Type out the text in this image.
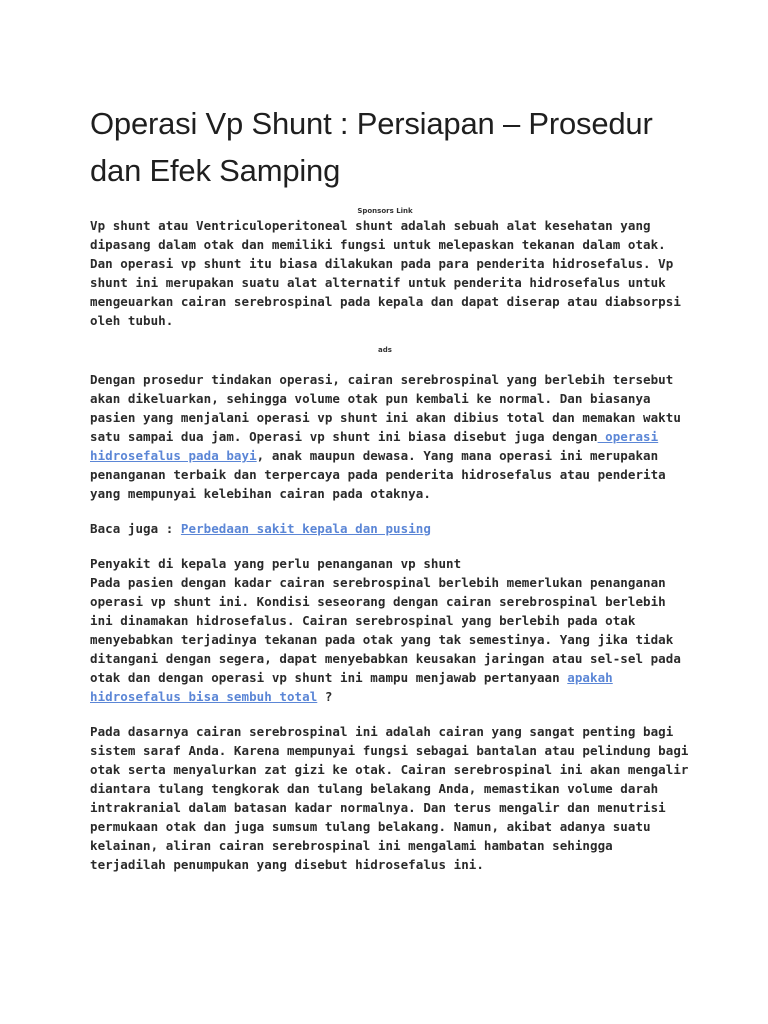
Operasi Vp Shunt : Persiapan – Prosedur dan Efek Samping

Sponsors Link

Vp shunt atau Ventriculoperitoneal shunt adalah sebuah alat kesehatan yang dipasang dalam otak dan memiliki fungsi untuk melepaskan tekanan dalam otak. Dan operasi vp shunt itu biasa dilakukan pada para penderita hidrosefalus. Vp shunt ini merupakan suatu alat alternatif untuk penderita hidrosefalus untuk mengeuarkan cairan serebrospinal pada kepala dan dapat diserap atau diabsorpsi oleh tubuh.

ads

Dengan prosedur tindakan operasi, cairan serebrospinal yang berlebih tersebut akan dikeluarkan, sehingga volume otak pun kembali ke normal. Dan biasanya pasien yang menjalani operasi vp shunt ini akan dibius total dan memakan waktu satu sampai dua jam. Operasi vp shunt ini biasa disebut juga dengan operasi hidrosefalus pada bayi, anak maupun dewasa. Yang mana operasi ini merupakan penanganan terbaik dan terpercaya pada penderita hidrosefalus atau penderita yang mempunyai kelebihan cairan pada otaknya.

Baca juga : Perbedaan sakit kepala dan pusing

Penyakit di kepala yang perlu penanganan vp shunt

Pada pasien dengan kadar cairan serebrospinal berlebih memerlukan penanganan operasi vp shunt ini. Kondisi seseorang dengan cairan serebrospinal berlebih ini dinamakan hidrosefalus. Cairan serebrospinal yang berlebih pada otak menyebabkan terjadinya tekanan pada otak yang tak semestinya. Yang jika tidak ditangani dengan segera, dapat menyebabkan keusakan jaringan atau sel-sel pada otak dan dengan operasi vp shunt ini mampu menjawab pertanyaan apakah hidrosefalus bisa sembuh total ?

Pada dasarnya cairan serebrospinal ini adalah cairan yang sangat penting bagi sistem saraf Anda. Karena mempunyai fungsi sebagai bantalan atau pelindung bagi otak serta menyalurkan zat gizi ke otak. Cairan serebrospinal ini akan mengalir diantara tulang tengkorak dan tulang belakang Anda, memastikan volume darah intrakranial dalam batasan kadar normalnya. Dan terus mengalir dan menutrisi permukaan otak dan juga sumsum tulang belakang. Namun, akibat adanya suatu kelainan, aliran cairan serebrospinal ini mengalami hambatan sehingga terjadilah penumpukan yang disebut hidrosefalus ini.
